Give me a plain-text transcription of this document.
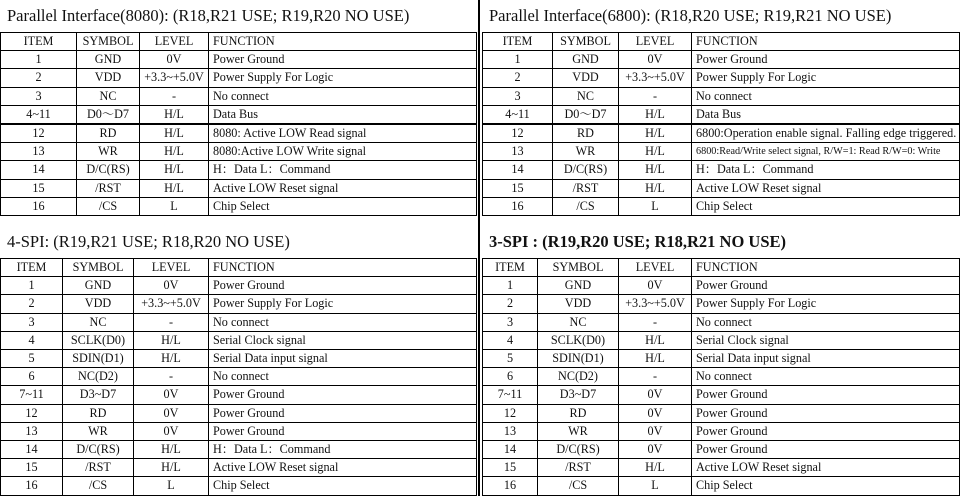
Parallel Interface(8080): (R18,R21 USE; R19,R20 NO USE)
ITEM	SYMBOL	LEVEL	FUNCTION
1	GND	0V	Power Ground
2	VDD	+3.3~+5.0V	Power Supply For Logic
3	NC	-	No connect
4~11	D0～D7	H/L	Data Bus
12	RD	H/L	8080: Active LOW Read signal
13	WR	H/L	8080:Active LOW Write signal
14	D/C(RS)	H/L	H：Data L：Command
15	/RST	H/L	Active LOW Reset signal
16	/CS	L	Chip Select
Parallel Interface(6800): (R18,R20 USE; R19,R21 NO USE)
ITEM	SYMBOL	LEVEL	FUNCTION
1	GND	0V	Power Ground
2	VDD	+3.3~+5.0V	Power Supply For Logic
3	NC	-	No connect
4~11	D0～D7	H/L	Data Bus
12	RD	H/L	6800:Operation enable signal. Falling edge triggered.
13	WR	H/L	6800:Read/Write select signal, R/W=1: Read R/W=0: Write
14	D/C(RS)	H/L	H：Data L：Command
15	/RST	H/L	Active LOW Reset signal
16	/CS	L	Chip Select
4-SPI: (R19,R21 USE; R18,R20 NO USE)
ITEM	SYMBOL	LEVEL	FUNCTION
1	GND	0V	Power Ground
2	VDD	+3.3~+5.0V	Power Supply For Logic
3	NC	-	No connect
4	SCLK(D0)	H/L	Serial Clock signal
5	SDIN(D1)	H/L	Serial Data input signal
6	NC(D2)	-	No connect
7~11	D3~D7	0V	Power Ground
12	RD	0V	Power Ground
13	WR	0V	Power Ground
14	D/C(RS)	H/L	H：Data L：Command
15	/RST	H/L	Active LOW Reset signal
16	/CS	L	Chip Select
3-SPI : (R19,R20 USE; R18,R21 NO USE)
ITEM	SYMBOL	LEVEL	FUNCTION
1	GND	0V	Power Ground
2	VDD	+3.3~+5.0V	Power Supply For Logic
3	NC	-	No connect
4	SCLK(D0)	H/L	Serial Clock signal
5	SDIN(D1)	H/L	Serial Data input signal
6	NC(D2)	-	No connect
7~11	D3~D7	0V	Power Ground
12	RD	0V	Power Ground
13	WR	0V	Power Ground
14	D/C(RS)	0V	Power Ground
15	/RST	H/L	Active LOW Reset signal
16	/CS	L	Chip Select
